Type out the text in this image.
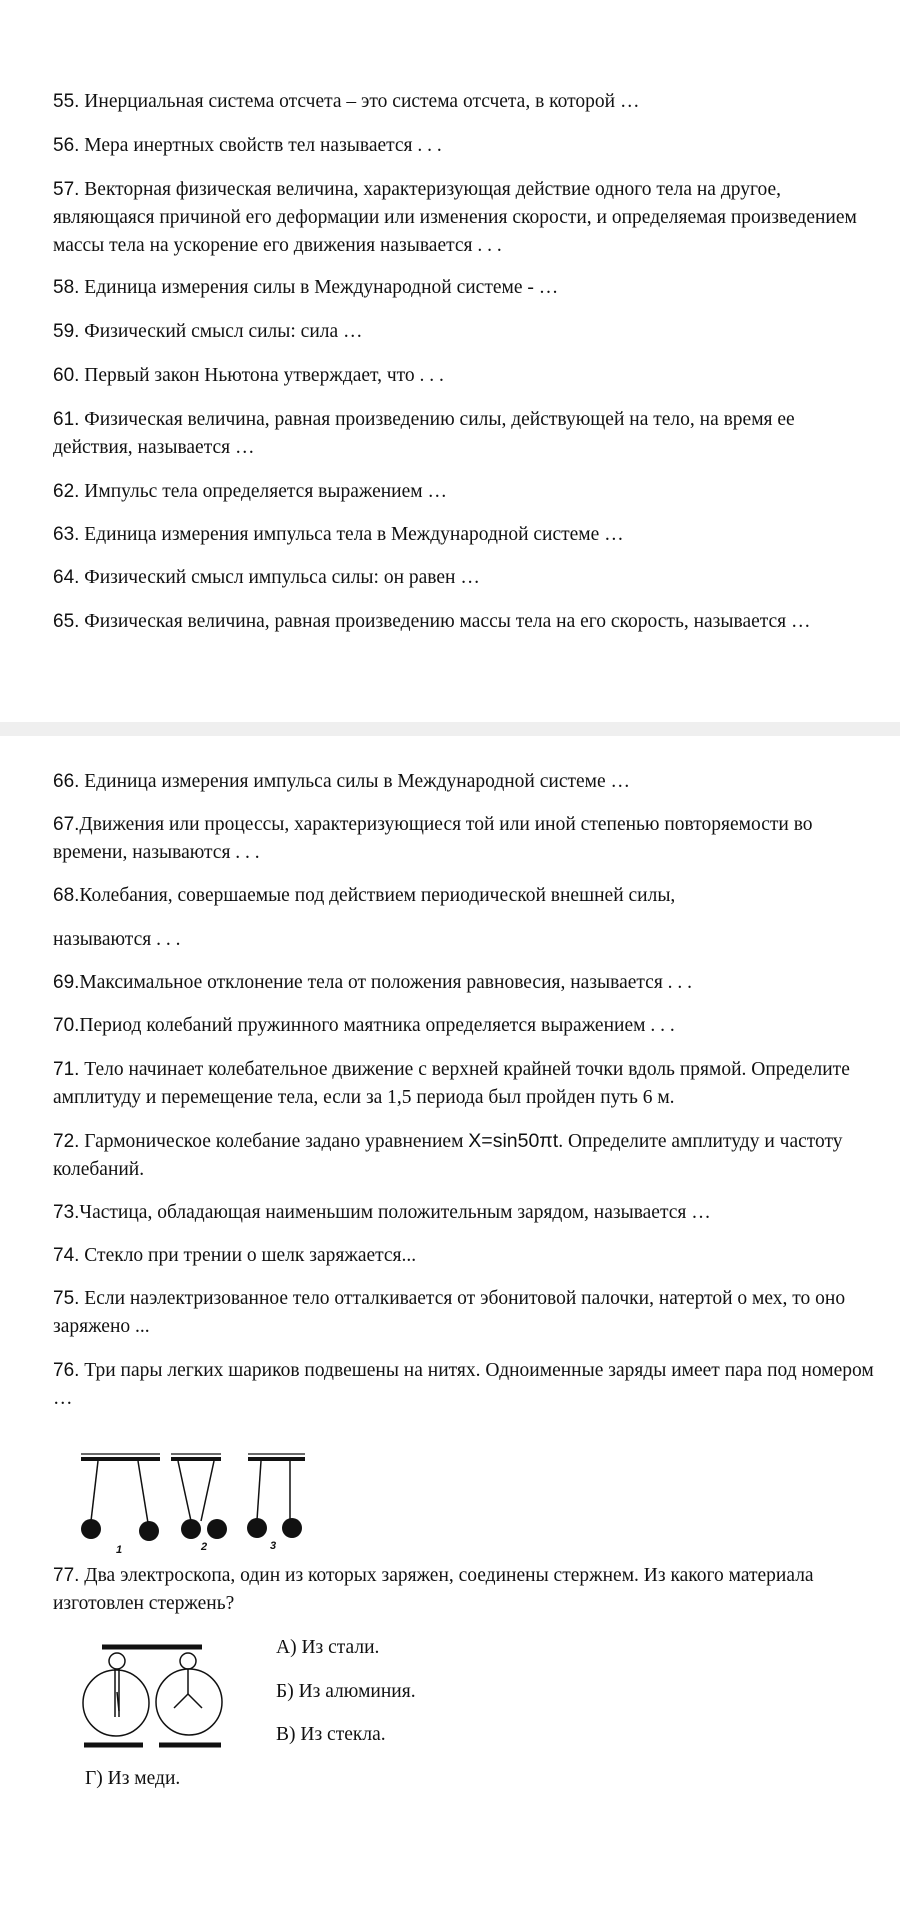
55. Инерциальная система отсчета – это система отсчета, в которой …

56. Мера инертных свойств тел называется . . .

57. Векторная физическая величина, характеризующая действие одного тела на другое, являющаяся причиной его деформации или изменения скорости, и определяемая произведением массы тела на ускорение его движения называется . . .

58. Единица измерения силы в Международной системе - …

59. Физический смысл силы: сила …

60. Первый закон Ньютона утверждает, что . . .

61. Физическая величина, равная произведению силы, действующей на тело, на время ее действия, называется …

62. Импульс тела определяется выражением …

63. Единица измерения импульса тела в Международной системе …

64. Физический смысл импульса силы: он равен …

65. Физическая величина, равная произведению массы тела на его скорость, называется …

66. Единица измерения импульса силы в Международной системе …

67.Движения или процессы, характеризующиеся той или иной степенью повторяемости во времени, называются . . .

68.Колебания, совершаемые под действием периодической внешней силы,

называются . . .

69.Максимальное отклонение тела от положения равновесия, называется . . .

70.Период колебаний пружинного маятника определяется выражением . . .

71. Тело начинает колебательное движение с верхней крайней точки вдоль прямой. Определите амплитуду и перемещение тела, если за 1,5 периода был пройден путь 6 м.

72. Гармоническое колебание задано уравнением X=sin50πt. Определите амплитуду и частоту колебаний.

73.Частица, обладающая наименьшим положительным зарядом, называется …

74. Стекло при трении о шелк заряжается...

75. Если наэлектризованное тело отталкивается от эбонитовой палочки, натертой о мех, то оно заряжено ...

76. Три пары легких шариков подвешены на нитях. Одноименные заряды имеет пара под номером …

1	2	3

77. Два электроскопа, один из которых заряжен, соединены стержнем. Из какого материала изготовлен стержень?

А) Из стали.

Б) Из алюминия.

В) Из стекла.

Г) Из меди.
